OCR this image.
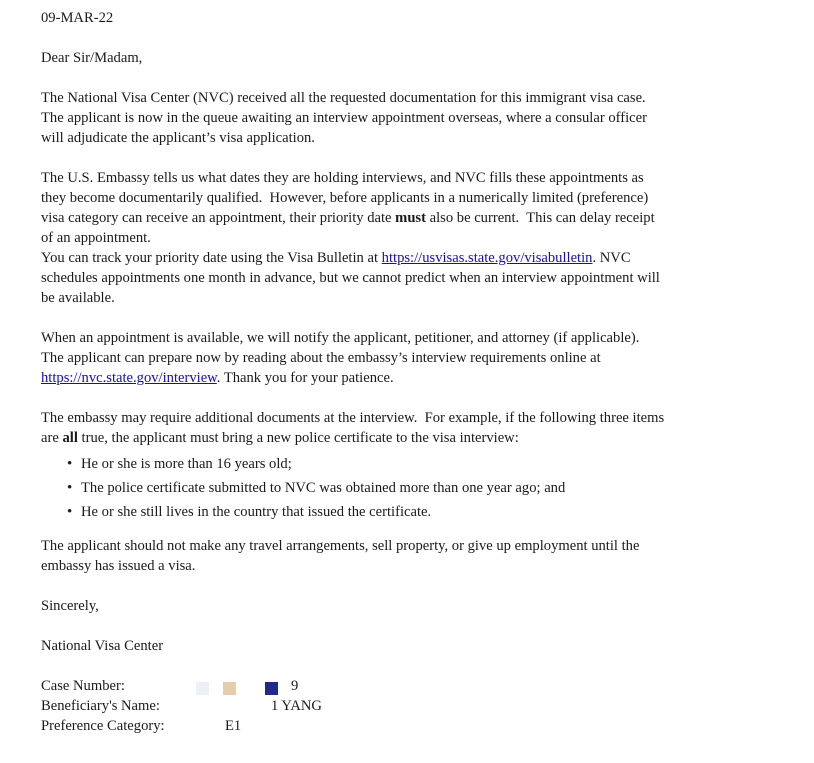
09-MAR-22
Dear Sir/Madam,

The National Visa Center (NVC) received all the requested documentation for this immigrant visa case.
The applicant is now in the queue awaiting an interview appointment overseas, where a consular officer
will adjudicate the applicant’s visa application.

The U.S. Embassy tells us what dates they are holding interviews, and NVC fills these appointments as
they become documentarily qualified.  However, before applicants in a numerically limited (preference)
visa category can receive an appointment, their priority date must also be current.  This can delay receipt
of an appointment.

You can track your priority date using the Visa Bulletin at https://usvisas.state.gov/visabulletin. NVC
schedules appointments one month in advance, but we cannot predict when an interview appointment will
be available.

When an appointment is available, we will notify the applicant, petitioner, and attorney (if applicable).
The applicant can prepare now by reading about the embassy’s interview requirements online at
https://nvc.state.gov/interview. Thank you for your patience.

The embassy may require additional documents at the interview.  For example, if the following three items
are all true, the applicant must bring a new police certificate to the visa interview:

• He or she is more than 16 years old;
• The police certificate submitted to NVC was obtained more than one year ago; and
• He or she still lives in the country that issued the certificate.

The applicant should not make any travel arrangements, sell property, or give up employment until the
embassy has issued a visa.

Sincerely,
National Visa Center
Case Number:	9
Beneficiary's Name:	1 YANG
Preference Category:	E1
